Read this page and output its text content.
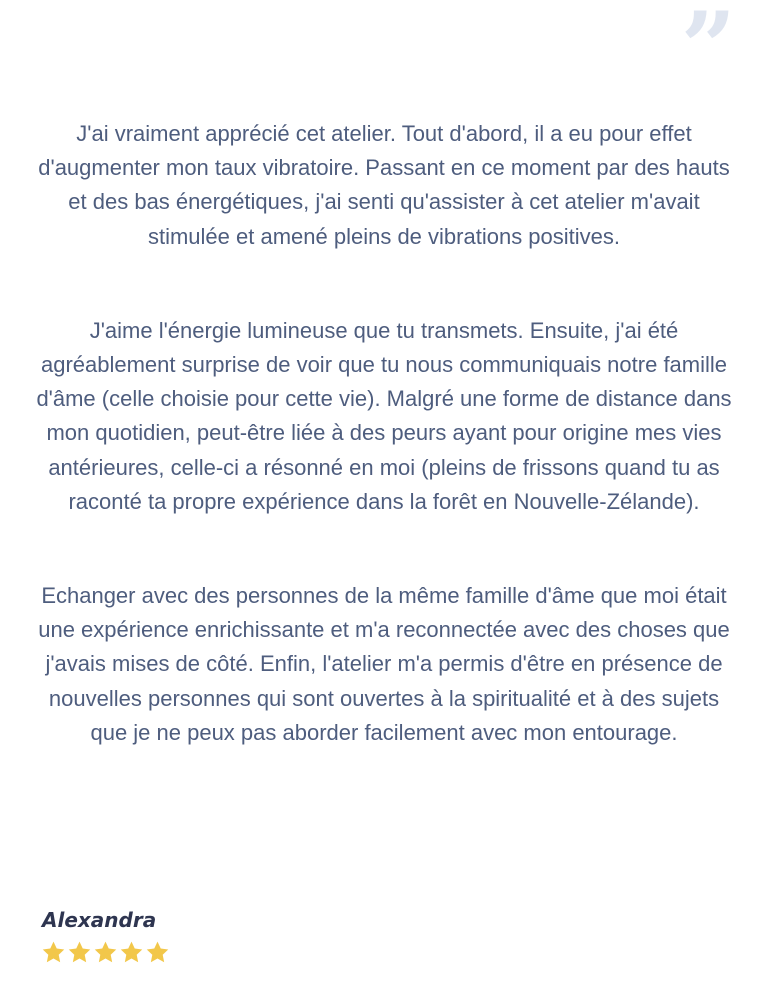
”

J'ai vraiment apprécié cet atelier. Tout d'abord, il a eu pour effet d'augmenter mon taux vibratoire. Passant en ce moment par des hauts et des bas énergétiques, j'ai senti qu'assister à cet atelier m'avait stimulée et amené pleins de vibrations positives.

J'aime l'énergie lumineuse que tu transmets. Ensuite, j'ai été agréablement surprise de voir que tu nous communiquais notre famille d'âme (celle choisie pour cette vie). Malgré une forme de distance dans mon quotidien, peut-être liée à des peurs ayant pour origine mes vies antérieures, celle-ci a résonné en moi (pleins de frissons quand tu as raconté ta propre expérience dans la forêt en Nouvelle-Zélande).

Echanger avec des personnes de la même famille d'âme que moi était une expérience enrichissante et m'a reconnectée avec des choses que j'avais mises de côté. Enfin, l'atelier m'a permis d'être en présence de nouvelles personnes qui sont ouvertes à la spiritualité et à des sujets que je ne peux pas aborder facilement avec mon entourage.

Alexandra
